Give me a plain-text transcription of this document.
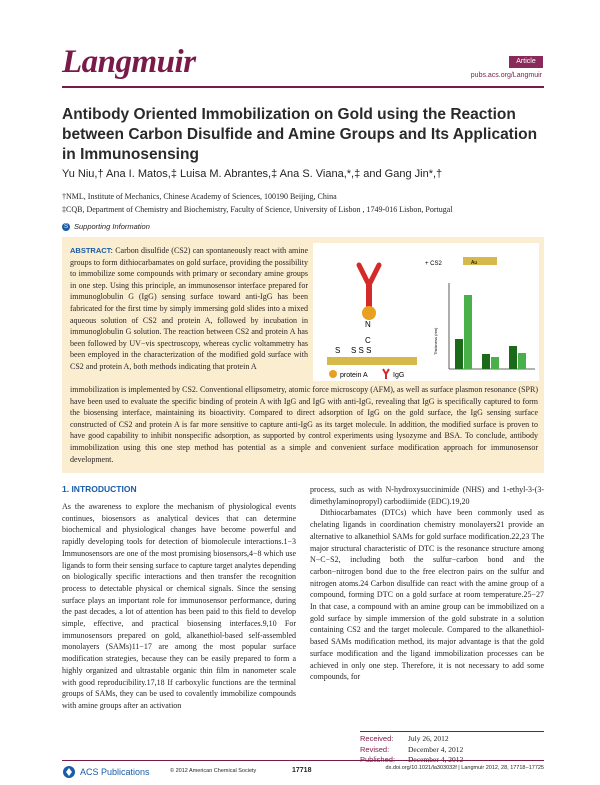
Langmuir	Article
pubs.acs.org/Langmuir
Antibody Oriented Immobilization on Gold using the Reaction between Carbon Disulfide and Amine Groups and Its Application in Immunosensing
Yu Niu,† Ana I. Matos,‡ Luisa M. Abrantes,‡ Ana S. Viana,*,‡ and Gang Jin*,†
†NML, Institute of Mechanics, Chinese Academy of Sciences, 100190 Beijing, China
‡CQB, Department of Chemistry and Biochemistry, Faculty of Science, University of Lisbon , 1749-016 Lisbon, Portugal
S Supporting Information

ABSTRACT: Carbon disulfide (CS2) can spontaneously react with amine groups to form dithiocarbamates on gold surface, providing the possibility to immobilize some compounds with primary or secondary amine groups in one step. Using this principle, an immunosensor interface prepared for immunoglobulin G (IgG) sensing surface toward anti-IgG has been fabricated for the first time by simply immersing gold slides into a mixed aqueous solution of CS2 and protein A, followed by incubation in immunoglobulin G solution. The reaction between CS2 and protein A has been followed by UV−vis spectroscopy, whereas cyclic voltammetry has been employed in the characterization of the modified gold surface with CS2 and protein A, both methods indicating that protein A

N
C
S S S S
protein A	IgG
+ CS2	Au
Thickness (nm)

immobilization is implemented by CS2. Conventional ellipsometry, atomic force microscopy (AFM), as well as surface plasmon resonance (SPR) have been used to evaluate the specific binding of protein A with IgG and IgG with anti-IgG, revealing that IgG is specifically captured to form the biosensing interface, maintaining its bioactivity. Compared to direct adsorption of IgG on the gold surface, the IgG sensing surface constructed of CS2 and protein A is far more sensitive to capture anti-IgG as its target molecule. In addition, the modified surface is proven to have good capability to inhibit nonspecific adsorption, as supported by control experiments using lysozyme and BSA. To conclude, antibody immobilization using this one step method has potential as a simple and convenient surface modification approach for immunosensor development.

1. INTRODUCTION

As the awareness to explore the mechanism of physiological events continues, biosensors as analytical devices that can determine biochemical and physiological changes have become powerful and rapidly developing tools for detection of biomolecule interactions.1−3 Immunosensors are one of the most promising biosensors,4−8 which use ligands to form their sensing surface to capture target analytes depending on biologically specific interactions and then transfer the recognition process to detectable physical or chemical signals. Since the sensing surface plays an important role for immunosensor performance, during the past decades, a lot of attention has been paid to this field to develop simple, effective, and practical biosensing interfaces.9,10 For immunosensors prepared on gold, alkanethiol-based self-assembled monolayers (SAMs)11−17 are among the most popular surface modification strategies, because they can be easily prepared to form a highly organized and ultrastable organic thin film in nanometer scale with good reproducibility.17,18 If carboxylic functions are the terminal groups of SAMs, they can be used to covalently immobilize compounds with amine groups after an activation

process, such as with N-hydroxysuccinimide (NHS) and 1-ethyl-3-(3-dimethylaminopropyl) carbodiimide (EDC).19,20

Dithiocarbamates (DTCs) which have been commonly used as chelating ligands in coordination chemistry monolayers21 provide an alternative to alkanethiol SAMs for gold surface modification.22,23 The major structural characteristic of DTC is the resonance structure among N−C−S2, including both the sulfur−carbon bond and the carbon−nitrogen bond due to the free electron pairs on the sulfur and nitrogen atoms.24 Carbon disulfide can react with the amine group of a compound, forming DTC on a gold surface at room temperature.25−27 In that case, a compound with an amine group can be immobilized on a gold surface by simple immersion of the gold substrate in a solution containing CS2 and the target molecule. Compared to the alkanethiol-based SAMs modification method, its major advantage is that the gold surface modification and the ligand immobilization processes can be achieved in only one step. Therefore, it is not necessary to add some compounds, for

Received: July 26, 2012
Revised:	December 4, 2012
ACS Publications	© 2012 American Chemical Society	17718	dx.doi.org/10.1021/la303032f | Langmuir 2012, 28, 17718−17725
